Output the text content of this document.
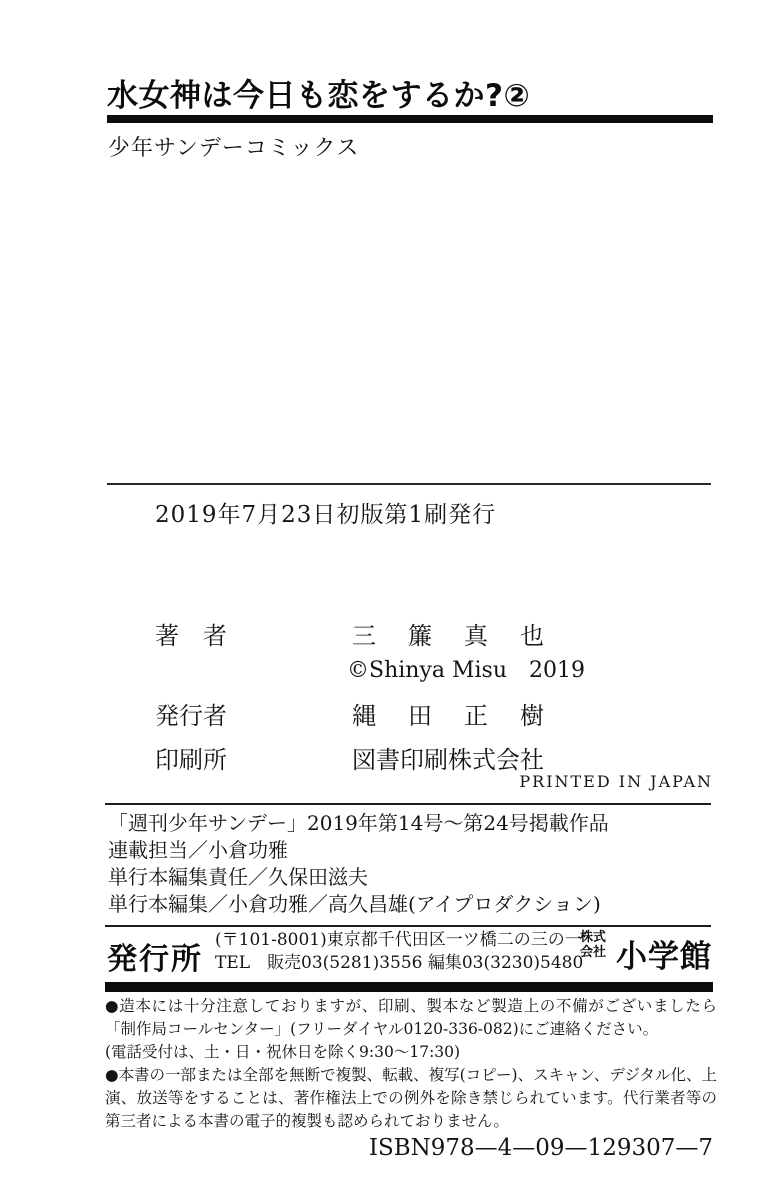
水女神は今日も恋をするか?②
少年サンデーコミックス
2019年7月23日初版第1刷発行
著　者	三　簾　真　也
©Shinya Misu　2019
発行者	縄　田　正　樹
印刷所	図書印刷株式会社
PRINTED IN JAPAN
「週刊少年サンデー」2019年第14号～第24号掲載作品
連載担当／小倉功雅
単行本編集責任／久保田滋夫
単行本編集／小倉功雅／高久昌雄(アイプロダクション)
発行所
(〒101-8001)東京都千代田区一ツ橋二の三の一
TEL　販売03(5281)3556 編集03(3230)5480
株式
会社 小学館

●造本には十分注意しておりますが、印刷、製本など製造上の不備がございましたら「制作局コールセンター」(フリーダイヤル0120-336-082)にご連絡ください。

(電話受付は、土・日・祝休日を除く9:30～17:30)

●本書の一部または全部を無断で複製、転載、複写(コピー)、スキャン、デジタル化、上演、放送等をすることは、著作権法上での例外を除き禁じられています。代行業者等の第三者による本書の電子的複製も認められておりません。

ISBN978—4—09—129307—7
